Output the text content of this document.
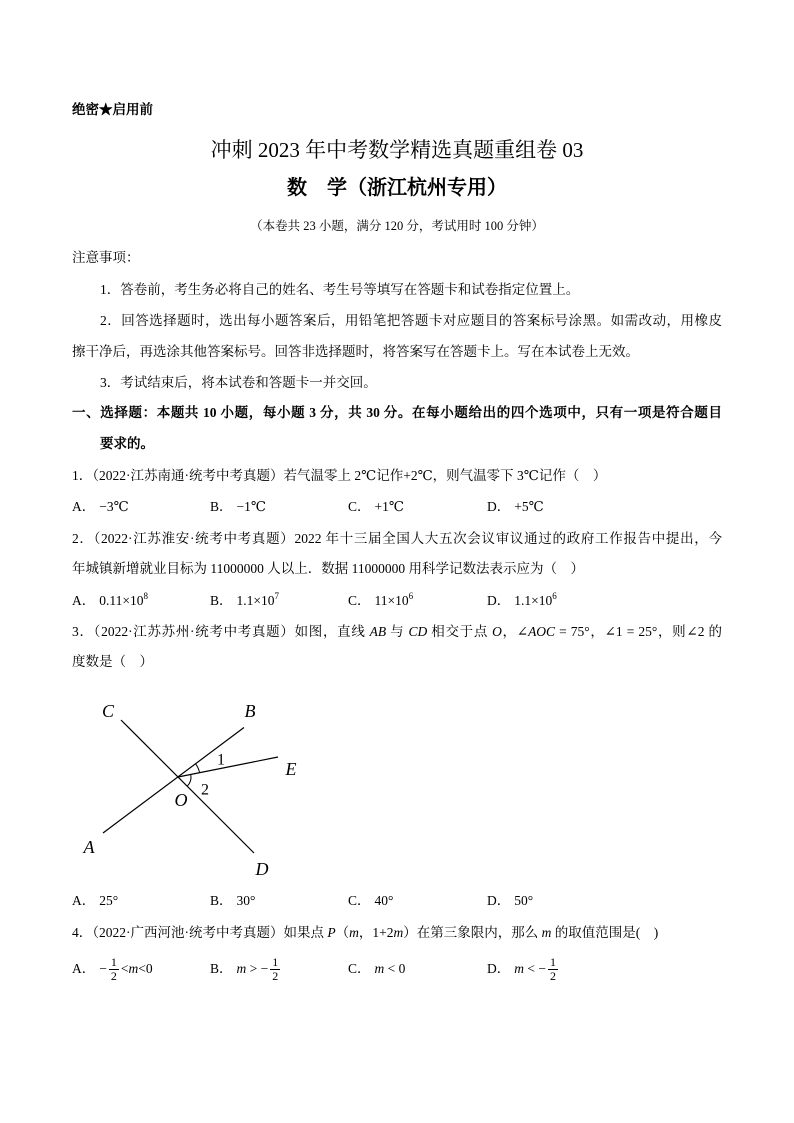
绝密★启用前
冲刺 2023 年中考数学精选真题重组卷 03
数　学（浙江杭州专用）
（本卷共 23 小题，满分 120 分，考试用时 100 分钟）
注意事项：
1．答卷前，考生务必将自己的姓名、考生号等填写在答题卡和试卷指定位置上。
2．回答选择题时，选出每小题答案后，用铅笔把答题卡对应题目的答案标号涂黑。如需改动，用橡皮
擦干净后，再选涂其他答案标号。回答非选择题时，将答案写在答题卡上。写在本试卷上无效。
3．考试结束后，将本试卷和答题卡一并交回。
一、选择题：本题共 10 小题，每小题 3 分，共 30 分。在每小题给出的四个选项中，只有一项是符合题目
要求的。
1．（2022·江苏南通·统考中考真题）若气温零上 2℃记作+2℃，则气温零下 3℃记作（　）
A． −3℃	B． −1℃	C． +1℃	D． +5℃
2．（2022·江苏淮安·统考中考真题）2022 年十三届全国人大五次会议审议通过的政府工作报告中提出，今
年城镇新增就业目标为 11000000 人以上．数据 11000000 用科学记数法表示应为（　）
A． $0.11\times 10^8$	B． $1.1\times 10^7$	C． $11\times 10^6$	D． $1.1\times 10^6$
3．（2022·江苏苏州·统考中考真题）如图，直线 AB 与 CD 相交于点 O，∠AOC = 75°，∠1 = 25°，则∠2 的
度数是（　）
C	B
E
O
A
D
1
2
A． 25°	B． 30°	C． 40°	D． 50°
4．（2022·广西河池·统考中考真题）如果点 P（m，1+2m）在第三象限内，那么 m 的取值范围是(　)
A． − $\frac{1}{2} <m<0$	B． m > − $\frac{1}{2}$	C． m < 0	D． m < − $\frac{1}{2}$
